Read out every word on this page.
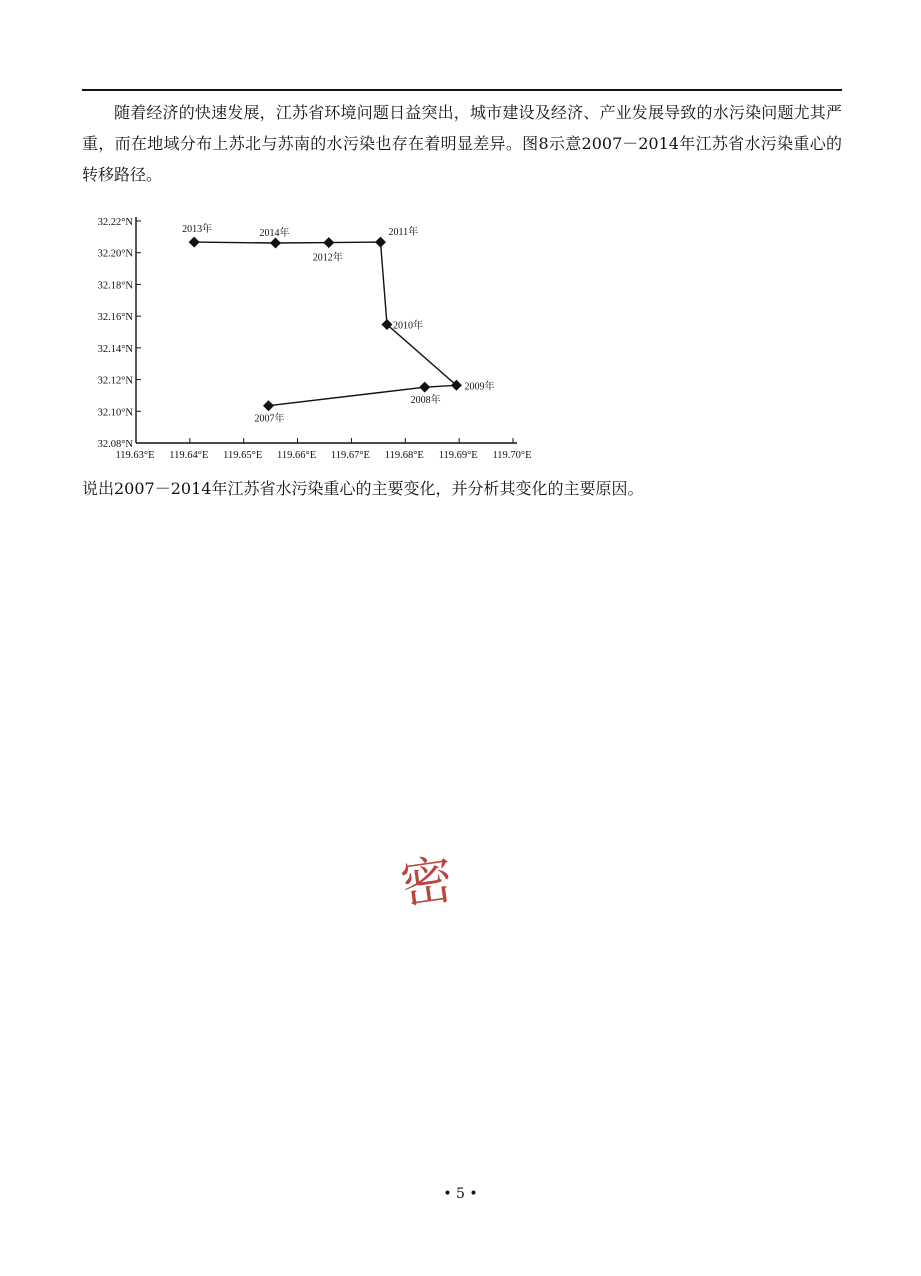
随着经济的快速发展，江苏省环境问题日益突出，城市建设及经济、产业发展导致的水污染问题尤其严重，而在地域分布上苏北与苏南的水污染也存在着明显差异。图8示意2007－2014年江苏省水污染重心的转移路径。
32.08°N
32.10°N
32.12°N
32.14°N
32.16°N
32.18°N
32.20°N
32.22°N
119.63°E 119.64°E 119.65°E 119.66°E 119.67°E 119.68°E 119.69°E 119.70°E
2007年
2008年
2009年
2010年
2011年
2012年
2013年	2014年
说出2007－2014年江苏省水污染重心的主要变化，并分析其变化的主要原因。
密
• 5 •
